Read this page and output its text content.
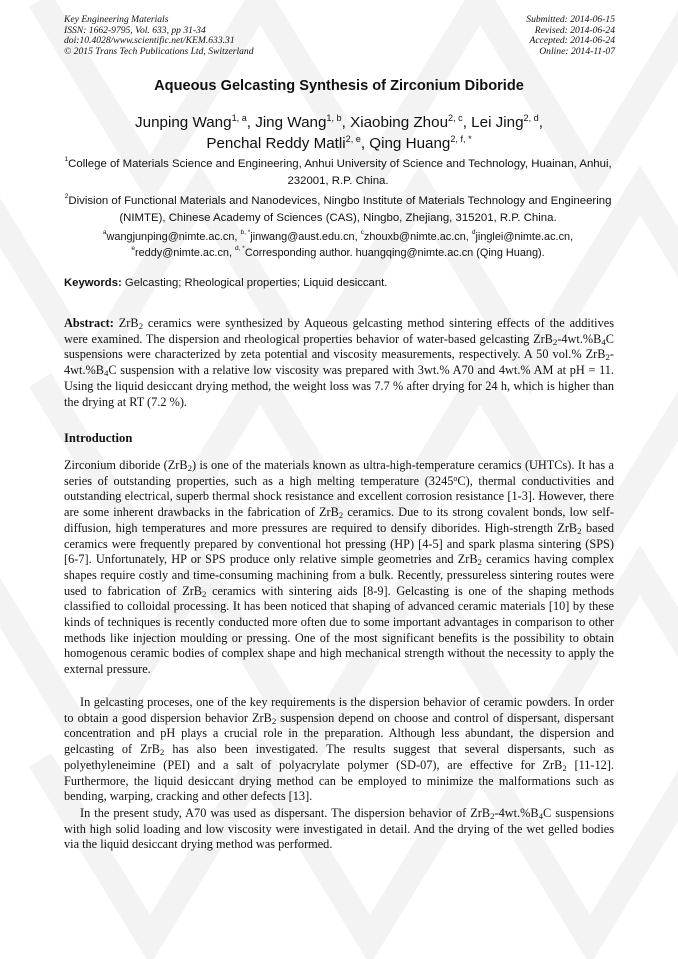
Key Engineering Materials
ISSN: 1662-9795, Vol. 633, pp 31-34
doi:10.4028/www.scientific.net/KEM.633.31
© 2015 Trans Tech Publications Ltd, Switzerland
Submitted: 2014-06-15
Revised: 2014-06-24
Accepted: 2014-06-24
Online: 2014-11-07
Aqueous Gelcasting Synthesis of Zirconium Diboride
Junping Wang$^{1, a}$, Jing Wang$^{1, b}$, Xiaobing Zhou$^{2, c}$, Lei Jing$^{2, d}$,
Penchal Reddy Matli$^{2, e}$, Qing Huang$^{2, f, *}$
$^1$College of Materials Science and Engineering, Anhui University of Science and Technology, Huainan, Anhui, 232001, R.P. China.
$^2$Division of Functional Materials and Nanodevices, Ningbo Institute of Materials Technology and Engineering (NIMTE), Chinese Academy of Sciences (CAS), Ningbo, Zhejiang, 315201, R.P. China.
$^a$wangjunping@nimte.ac.cn, $^{b, *}$jinwang@aust.edu.cn, $^c$zhouxb@nimte.ac.cn, $^d$jinglei@nimte.ac.cn,
$^e$reddy@nimte.ac.cn, $^{d, *}$Corresponding author. huangqing@nimte.ac.cn (Qing Huang).
Keywords: Gelcasting; Rheological properties; Liquid desiccant.
Abstract: ZrB$_2$ ceramics were synthesized by Aqueous gelcasting method sintering effects of the additives were examined. The dispersion and rheological properties behavior of water-based gelcasting $ZrB_2-4wt.\%B_4C$ suspensions were characterized by zeta potential and viscosity measurements, respectively. A 50 vol.% $ZrB_2-4wt.\%B_4C$ suspension with a relative low viscosity was prepared with 3wt.% A70 and 4wt.% AM at pH = 11. Using the liquid desiccant drying method, the weight loss was 7.7 % after drying for 24 h, which is higher than the drying at RT (7.2 %).
Introduction
Zirconium diboride (ZrB$_2$) is one of the materials known as ultra-high-temperature ceramics (UHTCs). It has a series of outstanding properties, such as a high melting temperature (3245$^o$C), thermal conductivities and outstanding electrical, superb thermal shock resistance and excellent corrosion resistance [1-3]. However, there are some inherent drawbacks in the fabrication of ZrB$_2$ ceramics. Due to its strong covalent bonds, low self-diffusion, high temperatures and more pressures are required to densify diborides. High-strength ZrB$_2$ based ceramics were frequently prepared by conventional hot pressing (HP) [4-5] and spark plasma sintering (SPS) [6-7]. Unfortunately, HP or SPS produce only relative simple geometries and ZrB$_2$ ceramics having complex shapes require costly and time-consuming machining from a bulk. Recently, pressureless sintering routes were used to fabrication of ZrB$_2$ ceramics with sintering aids [8-9]. Gelcasting is one of the shaping methods classified to colloidal processing. It has been noticed that shaping of advanced ceramic materials [10] by these kinds of techniques is recently conducted more often due to some important advantages in comparison to other methods like injection moulding or pressing. One of the most significant benefits is the possibility to obtain homogenous ceramic bodies of complex shape and high mechanical strength without the necessity to apply the external pressure.
In gelcasting proceses, one of the key requirements is the dispersion behavior of ceramic powders. In order to obtain a good dispersion behavior ZrB$_2$ suspension depend on choose and control of dispersant, dispersant concentration and pH plays a crucial role in the preparation. Although less abundant, the dispersion and gelcasting of ZrB$_2$ has also been investigated. The results suggest that several dispersants, such as polyethyleneimine (PEI) and a salt of polyacrylate polymer (SD-07), are effective for ZrB$_2$ [11-12]. Furthermore, the liquid desiccant drying method can be employed to minimize the malformations such as bending, warping, cracking and other defects [13].
In the present study, A70 was used as dispersant. The dispersion behavior of $ZrB_2-4wt.\%B_4C$ suspensions with high solid loading and low viscosity were investigated in detail. And the drying of the wet gelled bodies via the liquid desiccant drying method was performed.
